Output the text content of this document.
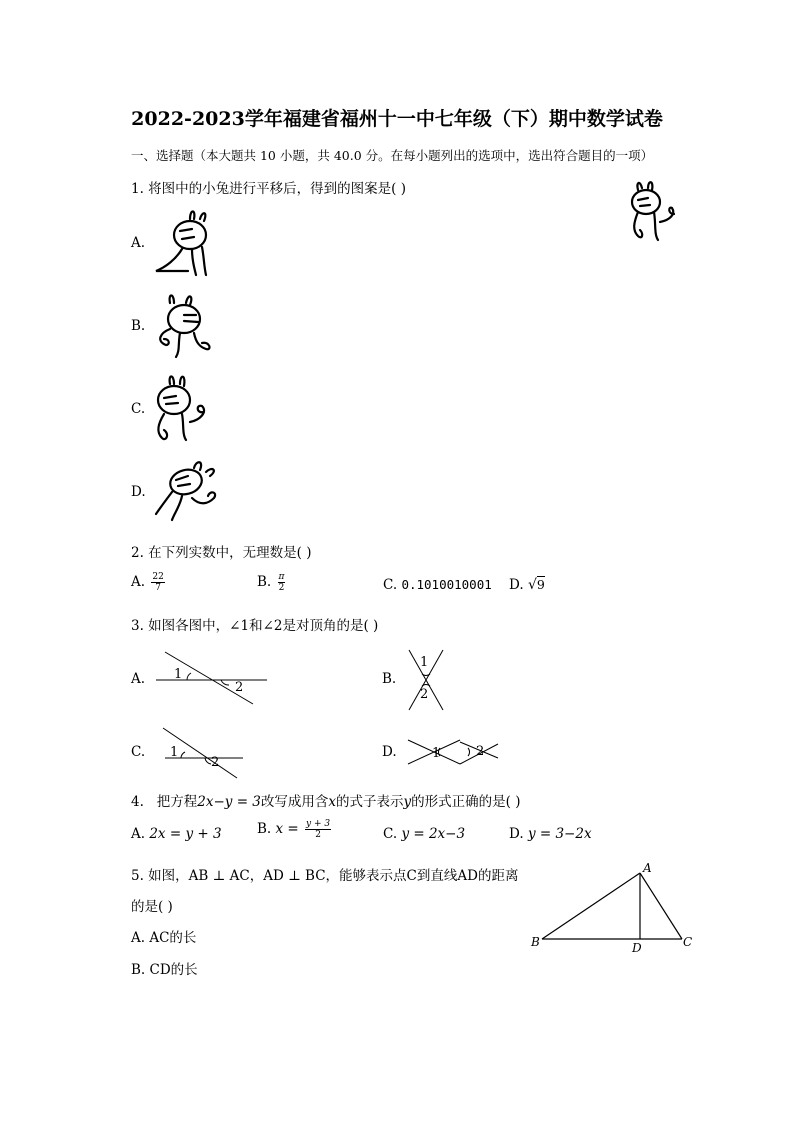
2022-2023学年福建省福州十一中七年级（下）期中数学试卷
一、选择题（本大题共 10 小题，共 40.0 分。在每小题列出的选项中，选出符合题目的一项）
1. 将图中的小兔进行平移后，得到的图案是( )
A.
B.
C.
D.
2. 在下列实数中，无理数是( )
A. $\frac{22}{7}$	B. $\frac{\pi}{2}$	C. 0.1010010001 D. √9
3. 如图各图中，∠1和∠2是对顶角的是( )
A. 1
2
B.
1
2
C. 1
2
D.	1	2
4. 把方程2x−y = 3改写成用含x的式子表示y的形式正确的是( )
A. 2x = y + 3	B. $x = \frac{y + 3}{2}$	C. y = 2x−3	D. y = 3−2x
5. 如图，AB ⊥ AC，AD ⊥ BC，能够表示点C到直线AD的距离
的是( )
A. AC的长
B. CD的长
A
B	C
D
